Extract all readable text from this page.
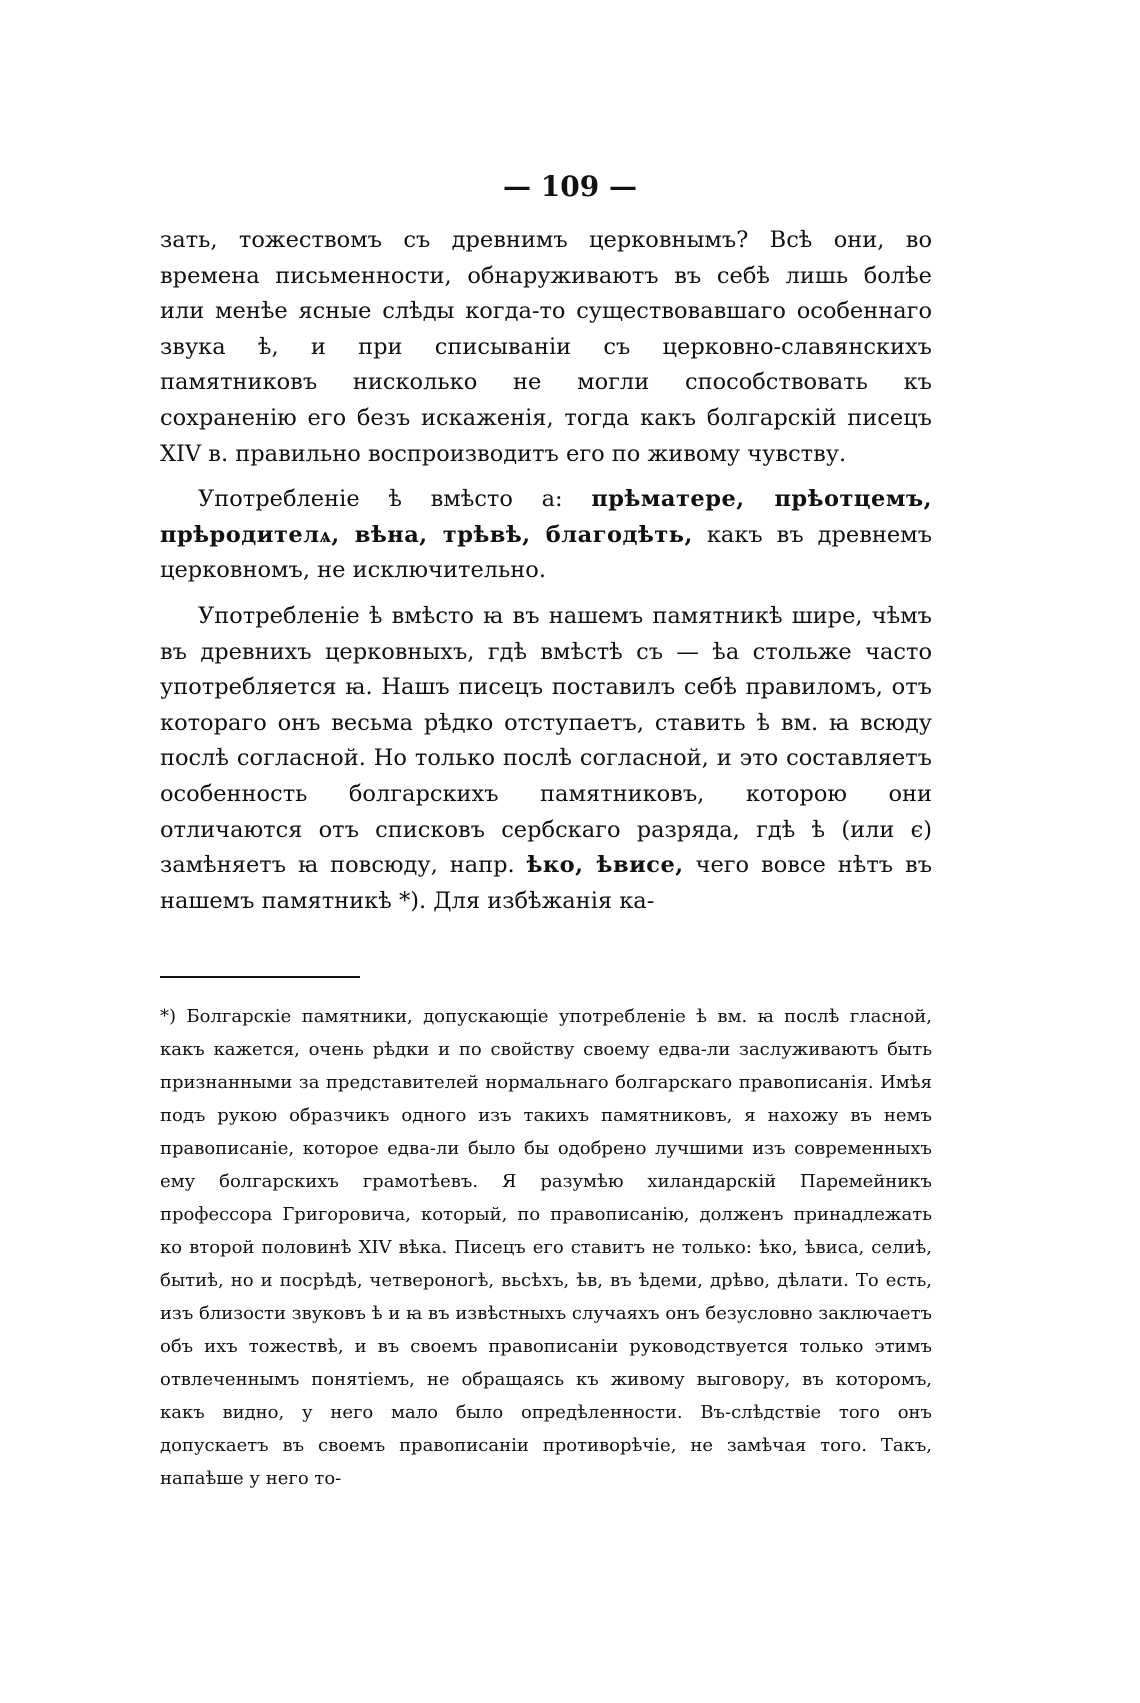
— 109 —

зать, тожествомъ съ древнимъ церковнымъ? Всѣ они, во времена письменности, обнаруживаютъ въ себѣ лишь болѣе или менѣе ясные слѣды когда-то существовавшаго особеннаго звука ѣ, и при списываніи съ церковно-славянскихъ памятниковъ нисколько не могли способствовать къ сохраненію его безъ искаженія, тогда какъ болгарскій писецъ XIV в. правильно воспроизводитъ его по живому чувству.

Употребленіе ѣ вмѣсто а: прѣматере, прѣотцемъ, прѣродителѧ, вѣна, трѣвѣ, благодѣть, какъ въ древнемъ церковномъ, не исключительно.

Употребленіе ѣ вмѣсто ꙗ въ нашемъ памятникѣ шире, чѣмъ въ древнихъ церковныхъ, гдѣ вмѣстѣ съ — ѣа стольже часто употребляется ꙗ. Нашъ писецъ поставилъ себѣ правиломъ, отъ котораго онъ весьма рѣдко отступаетъ, ставить ѣ вм. ꙗ всюду послѣ согласной. Но только послѣ согласной, и это составляетъ особенность болгарскихъ памятниковъ, которою они отличаются отъ списковъ сербскаго разряда, гдѣ ѣ (или є) замѣняетъ ꙗ повсюду, напр. ѣко, ѣвисе, чего вовсе нѣтъ въ нашемъ памятникѣ *). Для избѣжанія ка-

*) Болгарскіе памятники, допускающіе употребленіе ѣ вм. ꙗ послѣ гласной, какъ кажется, очень рѣдки и по свойству своему едва-ли заслуживаютъ быть признанными за представителей нормальнаго болгарскаго правописанія. Имѣя подъ рукою образчикъ одного изъ такихъ памятниковъ, я нахожу въ немъ правописаніе, которое едва-ли было бы одобрено лучшими изъ современныхъ ему болгарскихъ грамотѣевъ. Я разумѣю хиландарскій Паремейникъ профессора Григоровича, который, по правописанію, долженъ принадлежать ко второй половинѣ XIV вѣка. Писецъ его ставитъ не только: ѣко, ѣвиса, селиѣ, бытиѣ, но и посрѣдѣ, четвероногѣ, вьсѣхъ, ѣв, въ ѣдеми, дрѣво, дѣлати. То есть, изъ близости звуковъ ѣ и ꙗ въ извѣстныхъ случаяхъ онъ безусловно заключаетъ объ ихъ тожествѣ, и въ своемъ правописаніи руководствуется только этимъ отвлеченнымъ понятіемъ, не обращаясь къ живому выговору, въ которомъ, какъ видно, у него мало было опредѣленности. Въ-слѣдствіе того онъ допускаетъ въ своемъ правописаніи противорѣчіе, не замѣчая того. Такъ, напаѣше у него то-
